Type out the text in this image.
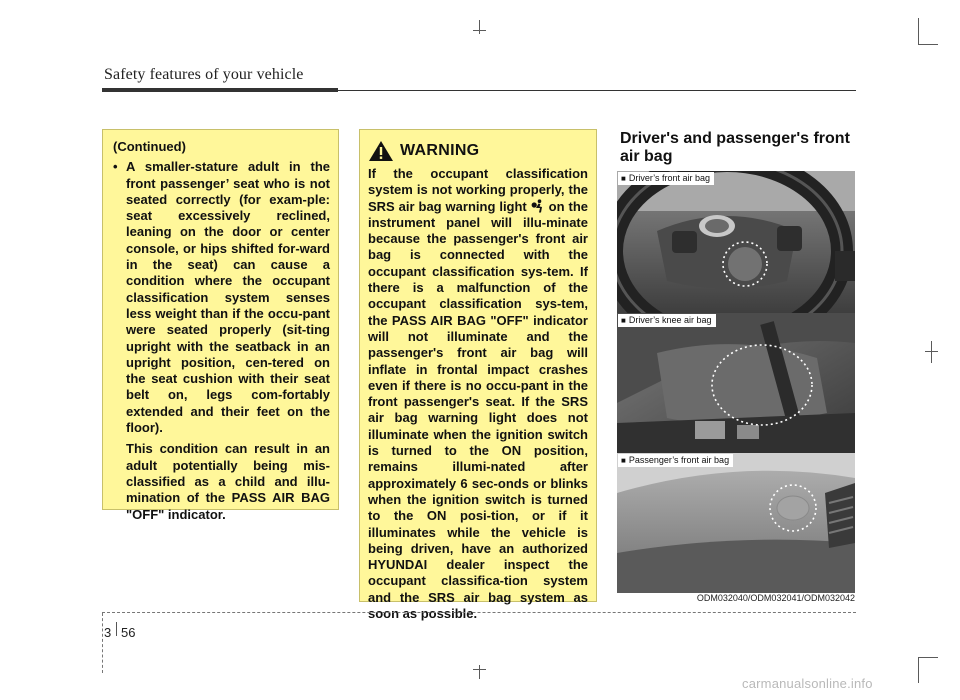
Safety features of your vehicle
(Continued)
• A smaller-stature adult in the front passenger’ seat who is not seated correctly (for exam-ple: seat excessively reclined, leaning on the door or center console, or hips shifted for-ward in the seat) can cause a condition where the occupant classification system senses less weight than if the occu-pant were seated properly (sit-ting upright with the seatback in an upright position, cen-tered on the seat cushion with their seat belt on, legs com-fortably extended and their feet on the floor).
This condition can result in an adult potentially being mis-classified as a child and illu-mination of the PASS AIR BAG "OFF" indicator.
WARNING
If the occupant classification system is not working properly, the SRS air bag warning light on the instrument panel will illu-minate because the passenger's front air bag is connected with the occupant classification sys-tem. If there is a malfunction of the occupant classification sys-tem, the PASS AIR BAG "OFF" indicator will not illuminate and the passenger's front air bag will inflate in frontal impact crashes even if there is no occu-pant in the front passenger's seat. If the SRS air bag warning light does not illuminate when the ignition switch is turned to the ON position, remains illumi-nated after approximately 6 sec-onds or blinks when the ignition switch is turned to the ON posi-tion, or if it illuminates while the vehicle is being driven, have an authorized HYUNDAI dealer inspect the occupant classifica-tion system and the SRS air bag system as soon as possible.
Driver's and passenger's front air bag
■ Driver’s front air bag
■ Driver’s knee air bag
■ Passenger’s front air bag
ODM032040/ODM032041/ODM032042
3 56
carmanualsonline.info
